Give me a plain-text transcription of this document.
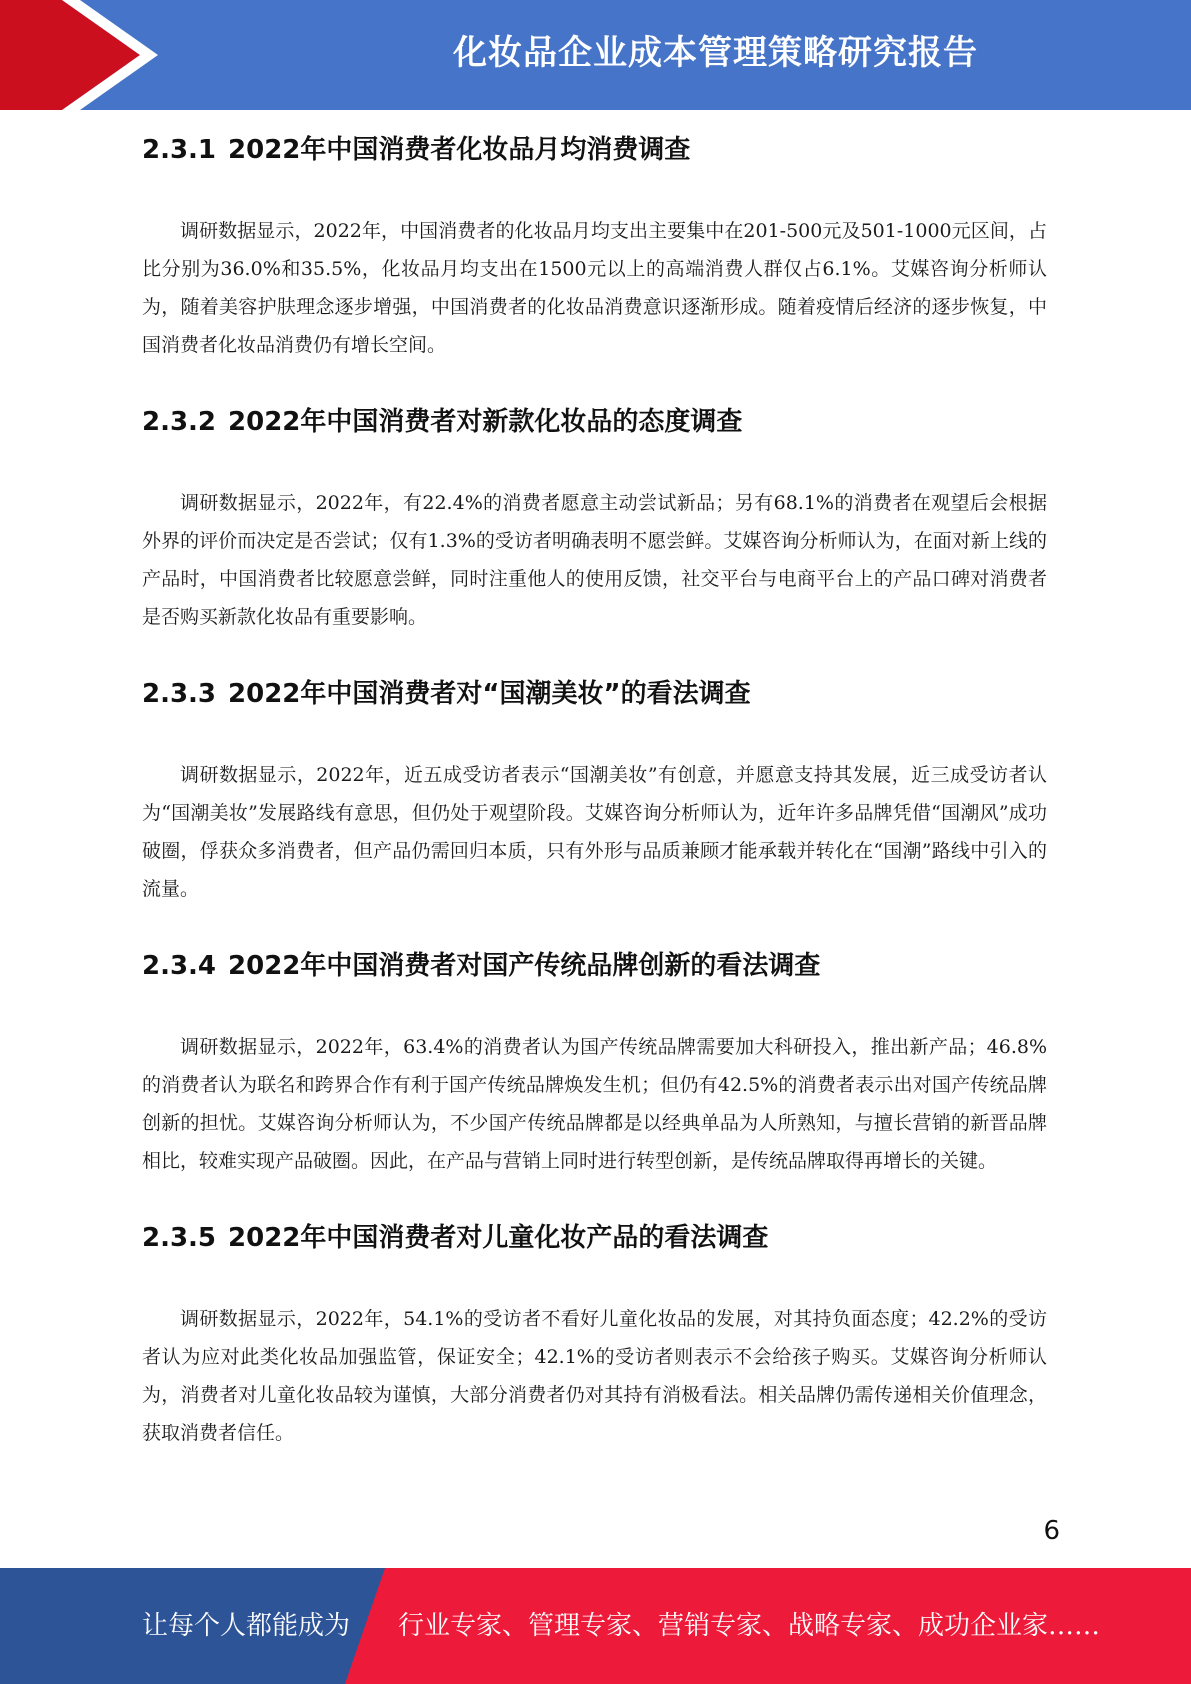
化妆品企业成本管理策略研究报告
2.3.1 2022年中国消费者化妆品月均消费调查

调研数据显示，2022年，中国消费者的化妆品月均支出主要集中在201-500元及501-1000元区间，占比分别为36.0%和35.5%，化妆品月均支出在1500元以上的高端消费人群仅占6.1%。艾媒咨询分析师认为，随着美容护肤理念逐步增强，中国消费者的化妆品消费意识逐渐形成。随着疫情后经济的逐步恢复，中国消费者化妆品消费仍有增长空间。

2.3.2 2022年中国消费者对新款化妆品的态度调查

调研数据显示，2022年，有22.4%的消费者愿意主动尝试新品；另有68.1%的消费者在观望后会根据外界的评价而决定是否尝试；仅有1.3%的受访者明确表明不愿尝鲜。艾媒咨询分析师认为，在面对新上线的产品时，中国消费者比较愿意尝鲜，同时注重他人的使用反馈，社交平台与电商平台上的产品口碑对消费者是否购买新款化妆品有重要影响。

2.3.3 2022年中国消费者对“国潮美妆”的看法调查

调研数据显示，2022年，近五成受访者表示“国潮美妆”有创意，并愿意支持其发展，近三成受访者认为“国潮美妆”发展路线有意思，但仍处于观望阶段。艾媒咨询分析师认为，近年许多品牌凭借“国潮风”成功破圈，俘获众多消费者，但产品仍需回归本质，只有外形与品质兼顾才能承载并转化在“国潮”路线中引入的流量。

2.3.4 2022年中国消费者对国产传统品牌创新的看法调查

调研数据显示，2022年，63.4%的消费者认为国产传统品牌需要加大科研投入，推出新产品；46.8%的消费者认为联名和跨界合作有利于国产传统品牌焕发生机；但仍有42.5%的消费者表示出对国产传统品牌创新的担忧。艾媒咨询分析师认为，不少国产传统品牌都是以经典单品为人所熟知，与擅长营销的新晋品牌相比，较难实现产品破圈。因此，在产品与营销上同时进行转型创新，是传统品牌取得再增长的关键。

2.3.5 2022年中国消费者对儿童化妆产品的看法调查

调研数据显示，2022年，54.1%的受访者不看好儿童化妆品的发展，对其持负面态度；42.2%的受访者认为应对此类化妆品加强监管，保证安全；42.1%的受访者则表示不会给孩子购买。艾媒咨询分析师认为，消费者对儿童化妆品较为谨慎，大部分消费者仍对其持有消极看法。相关品牌仍需传递相关价值理念，获取消费者信任。

6
让每个人都能成为 行业专家、管理专家、营销专家、战略专家、成功企业家……
